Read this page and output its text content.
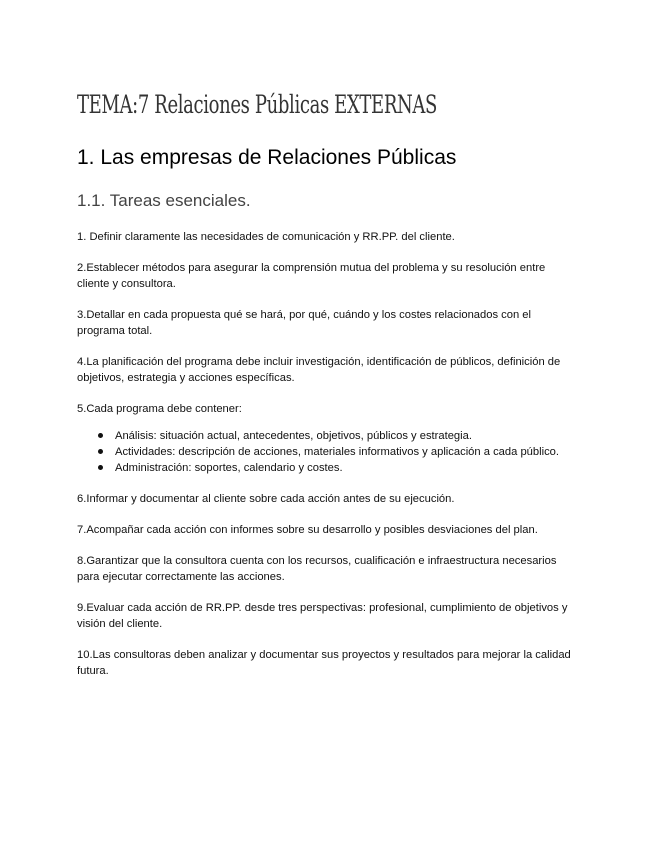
TEMA:7 Relaciones Públicas EXTERNAS
1. Las empresas de Relaciones Públicas
1.1. Tareas esenciales.

1. Definir claramente las necesidades de comunicación y RR.PP. del cliente.

2.Establecer métodos para asegurar la comprensión mutua del problema y su resolución entre cliente y consultora.

3.Detallar en cada propuesta qué se hará, por qué, cuándo y los costes relacionados con el programa total.

4.La planificación del programa debe incluir investigación, identificación de públicos, definición de objetivos, estrategia y acciones específicas.

5.Cada programa debe contener:

Análisis: situación actual, antecedentes, objetivos, públicos y estrategia.
Actividades: descripción de acciones, materiales informativos y aplicación a cada público.
Administración: soportes, calendario y costes.

6.Informar y documentar al cliente sobre cada acción antes de su ejecución.

7.Acompañar cada acción con informes sobre su desarrollo y posibles desviaciones del plan.

8.Garantizar que la consultora cuenta con los recursos, cualificación e infraestructura necesarios para ejecutar correctamente las acciones.

9.Evaluar cada acción de RR.PP. desde tres perspectivas: profesional, cumplimiento de objetivos y visión del cliente.

10.Las consultoras deben analizar y documentar sus proyectos y resultados para mejorar la calidad futura.
